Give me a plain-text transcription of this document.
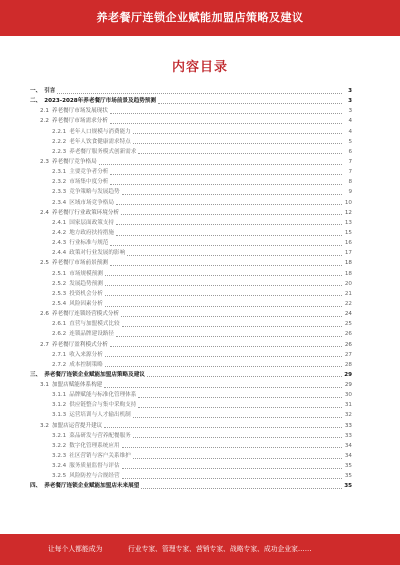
养老餐厅连锁企业赋能加盟店策略及建议
内容目录
一、 引言	3
二、 2023-2028年养老餐厅市场前景及趋势预测	3
2.1 养老餐厅市场发展现状	3
2.2 养老餐厅市场需求分析	4
2.2.1 老年人口规模与消费能力	4
2.2.2 老年人饮食健康需求特点	5
2.2.3 养老餐厅服务模式创新需求	6
2.3 养老餐厅竞争格局	7
2.3.1 主要竞争者分析	7
2.3.2 市场集中度分析	8
2.3.3 竞争策略与发展趋势	9
2.3.4 区域市场竞争格局	10
2.4 养老餐厅行业政策环境分析	12
2.4.1 国家层面政策支持	13
2.4.2 地方政府扶持措施	15
2.4.3 行业标准与规范	16
2.4.4 政策对行业发展的影响	17
2.5 养老餐厅市场前景预测	18
2.5.1 市场规模预测	18
2.5.2 发展趋势预测	20
2.5.3 投资机会分析	21
2.5.4 风险因素分析	22
2.6 养老餐厅连锁经营模式分析	24
2.6.1 直营与加盟模式比较	25
2.6.2 连锁品牌建设路径	26
2.7 养老餐厅盈利模式分析	26
2.7.1 收入来源分析	27
2.7.2 成本控制策略	28
三、 养老餐厅连锁企业赋能加盟店策略及建议	29
3.1 加盟店赋能体系构建	29
3.1.1 品牌赋能与标准化管理体系	30
3.1.2 供应链整合与集中采购支持	31
3.1.3 运营培训与人才输出机制	32
3.2 加盟店运营提升建议	33
3.2.1 菜品研发与营养配餐服务	33
3.2.2 数字化管理系统应用	34
3.2.3 社区营销与客户关系维护	34
3.2.4 服务质量监督与评估	35
3.2.5 风险防控与合规经营	35
四、 养老餐厅连锁企业赋能加盟店未来展望	35
让每个人都能成为	行业专家、管理专家、营销专家、战略专家、成功企业家……
